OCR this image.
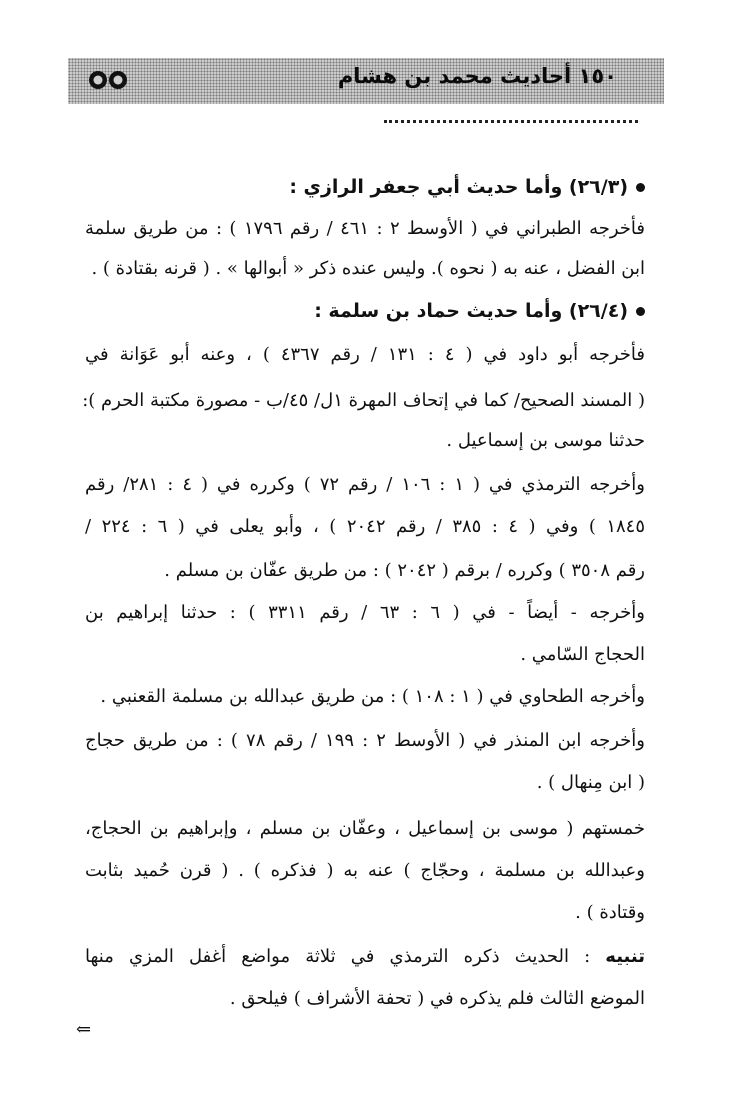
١٥٠ أحاديث محمد بن هشام
(٢٦/٣) وأما حديث أبي جعفر الرازي :
فأخرجه الطبراني في ( الأوسط ٢ : ٤٦١ / رقم ١٧٩٦ ) : من طريق سلمة
ابن الفضل ، عنه به ( نحوه ). وليس عنده ذكر « أبوالها » . ( قرنه بقتادة ) .
(٢٦/٤) وأما حديث حماد بن سلمة :
فأخرجه أبو داود في ( ٤ : ١٣١ / رقم ٤٣٦٧ ) ، وعنه أبو عَوَانة في
( المسند الصحيح/ كما في إتحاف المهرة ١ل/ ٤٥/ب - مصورة مكتبة الحرم ):
حدثنا موسى بن إسماعيل .
وأخرجه الترمذي في ( ١ : ١٠٦ / رقم ٧٢ ) وكرره في ( ٤ : ٢٨١/ رقم
١٨٤٥ ) وفي ( ٤ : ٣٨٥ / رقم ٢٠٤٢ ) ، وأبو يعلى في ( ٦ : ٢٢٤ /
رقم ٣٥٠٨ ) وكرره / برقم ( ٢٠٤٢ ) : من طريق عفّان بن مسلم .
وأخرجه - أيضاً - في ( ٦ : ٦٣ / رقم ٣٣١١ ) : حدثنا إبراهيم بن
الحجاج السّامي .
وأخرجه الطحاوي في ( ١ : ١٠٨ ) : من طريق عبدالله بن مسلمة القعنبي .
وأخرجه ابن المنذر في ( الأوسط ٢ : ١٩٩ / رقم ٧٨ ) : من طريق حجاج
( ابن مِنهال ) .
خمستهم ( موسى بن إسماعيل ، وعفّان بن مسلم ، وإبراهيم بن الحجاج،
وعبدالله بن مسلمة ، وحجّاج ) عنه به ( فذكره ) . ( قرن حُميد بثابت
وقتادة ) .
تنبيه : الحديث ذكره الترمذي في ثلاثة مواضع أغفل المزي منها
الموضع الثالث فلم يذكره في ( تحفة الأشراف ) فيلحق .
⇐
